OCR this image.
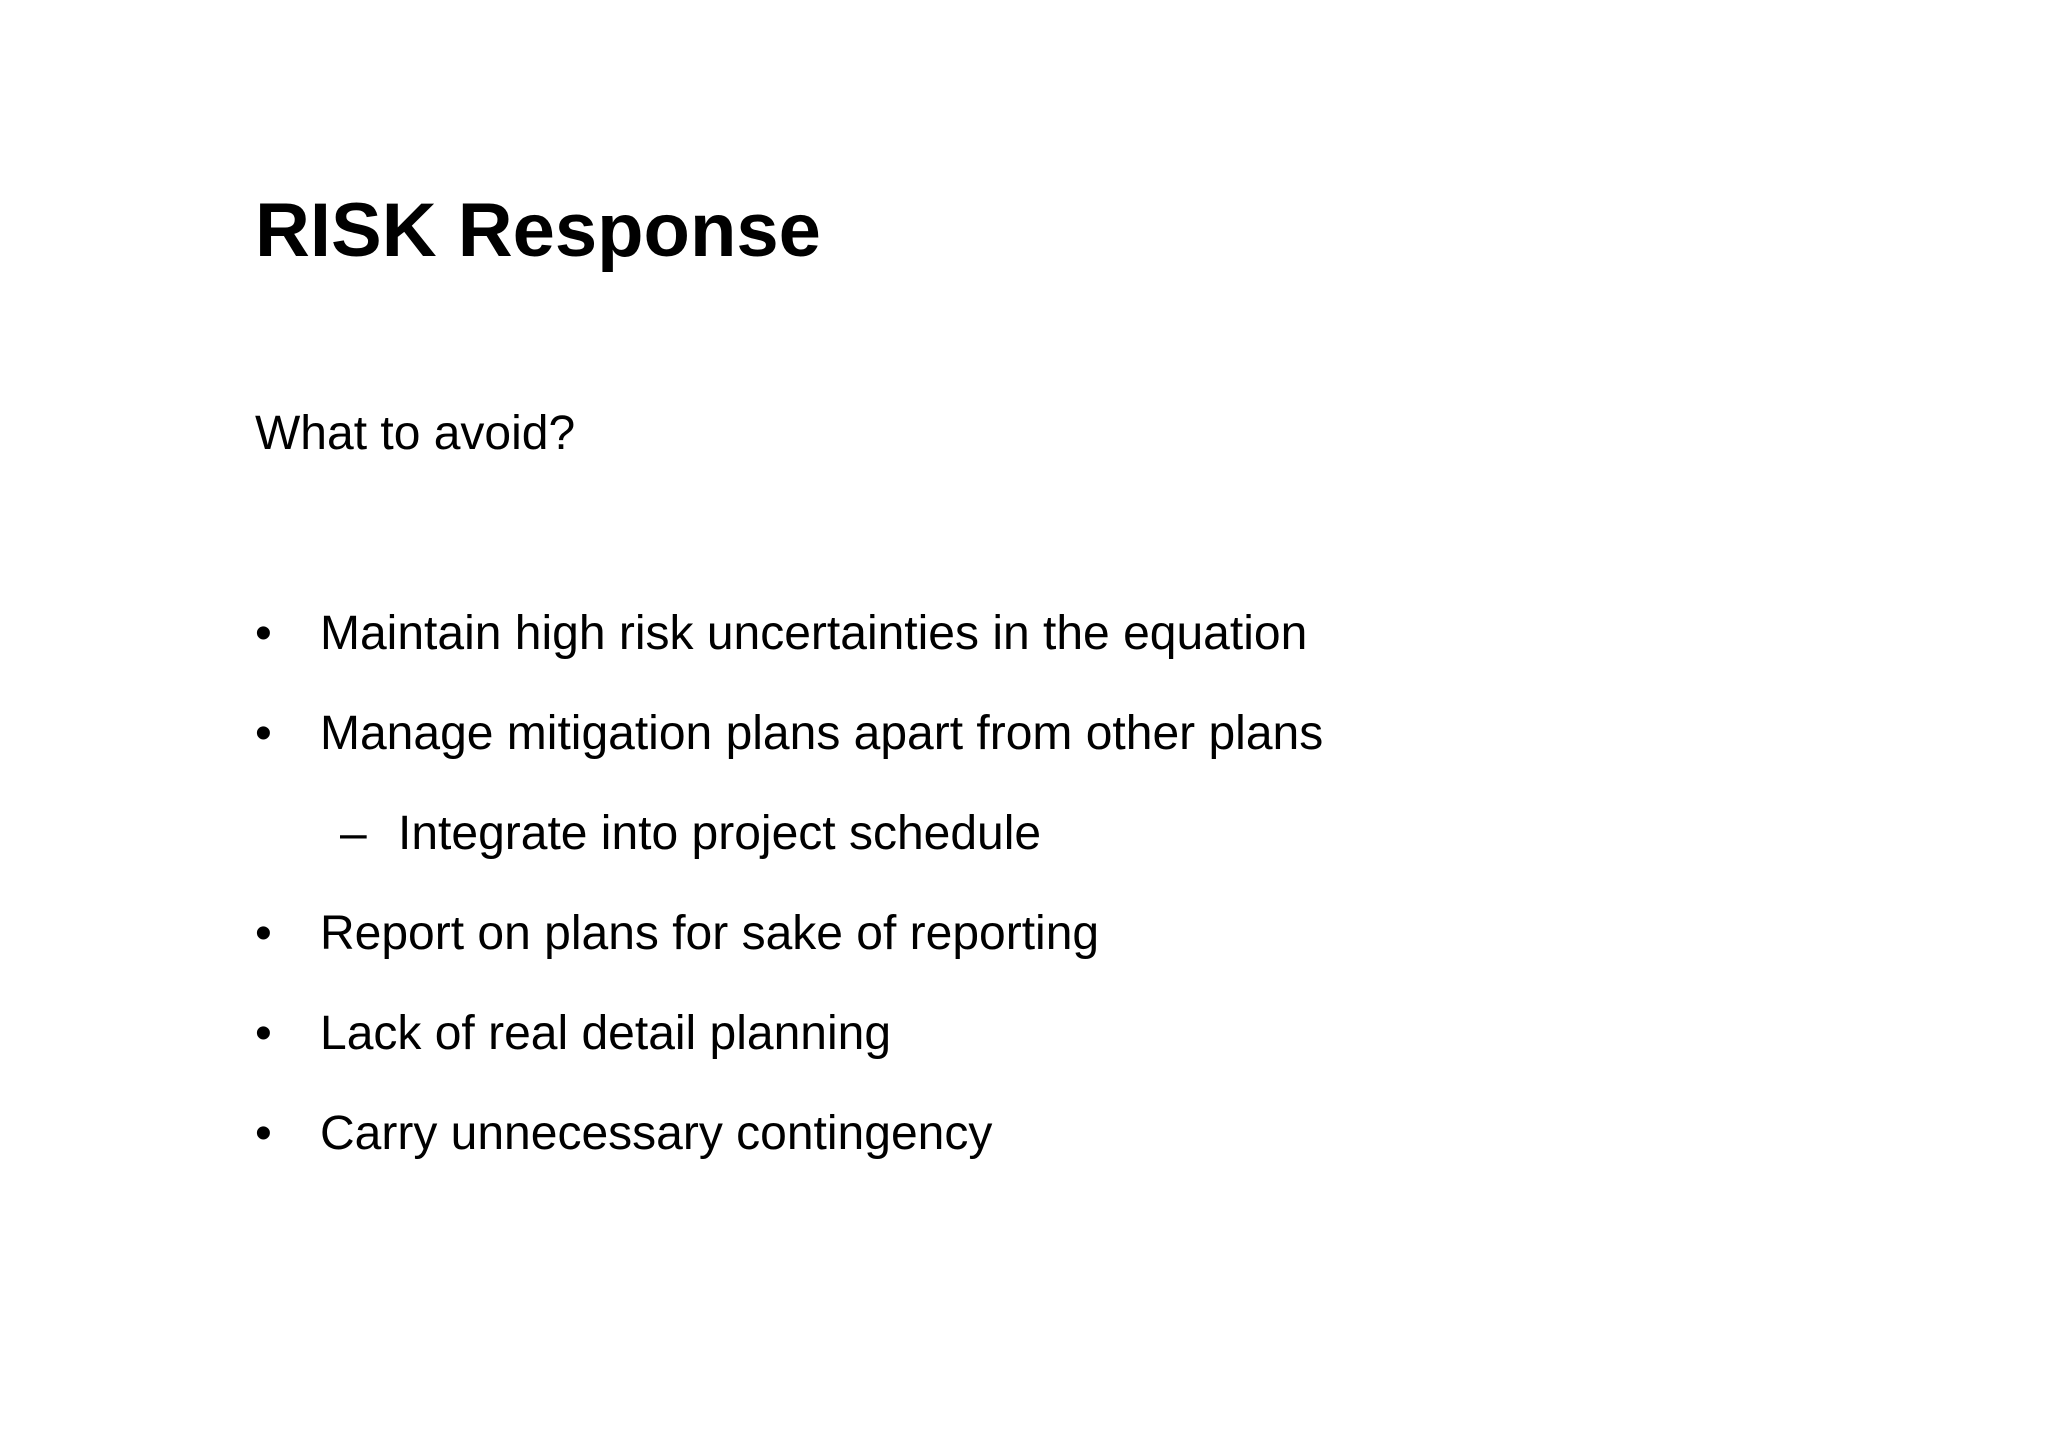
RISK Response

What to avoid?

• Maintain high risk uncertainties in the equation
• Manage mitigation plans apart from other plans
– Integrate into project schedule
• Report on plans for sake of reporting
• Lack of real detail planning
• Carry unnecessary contingency
